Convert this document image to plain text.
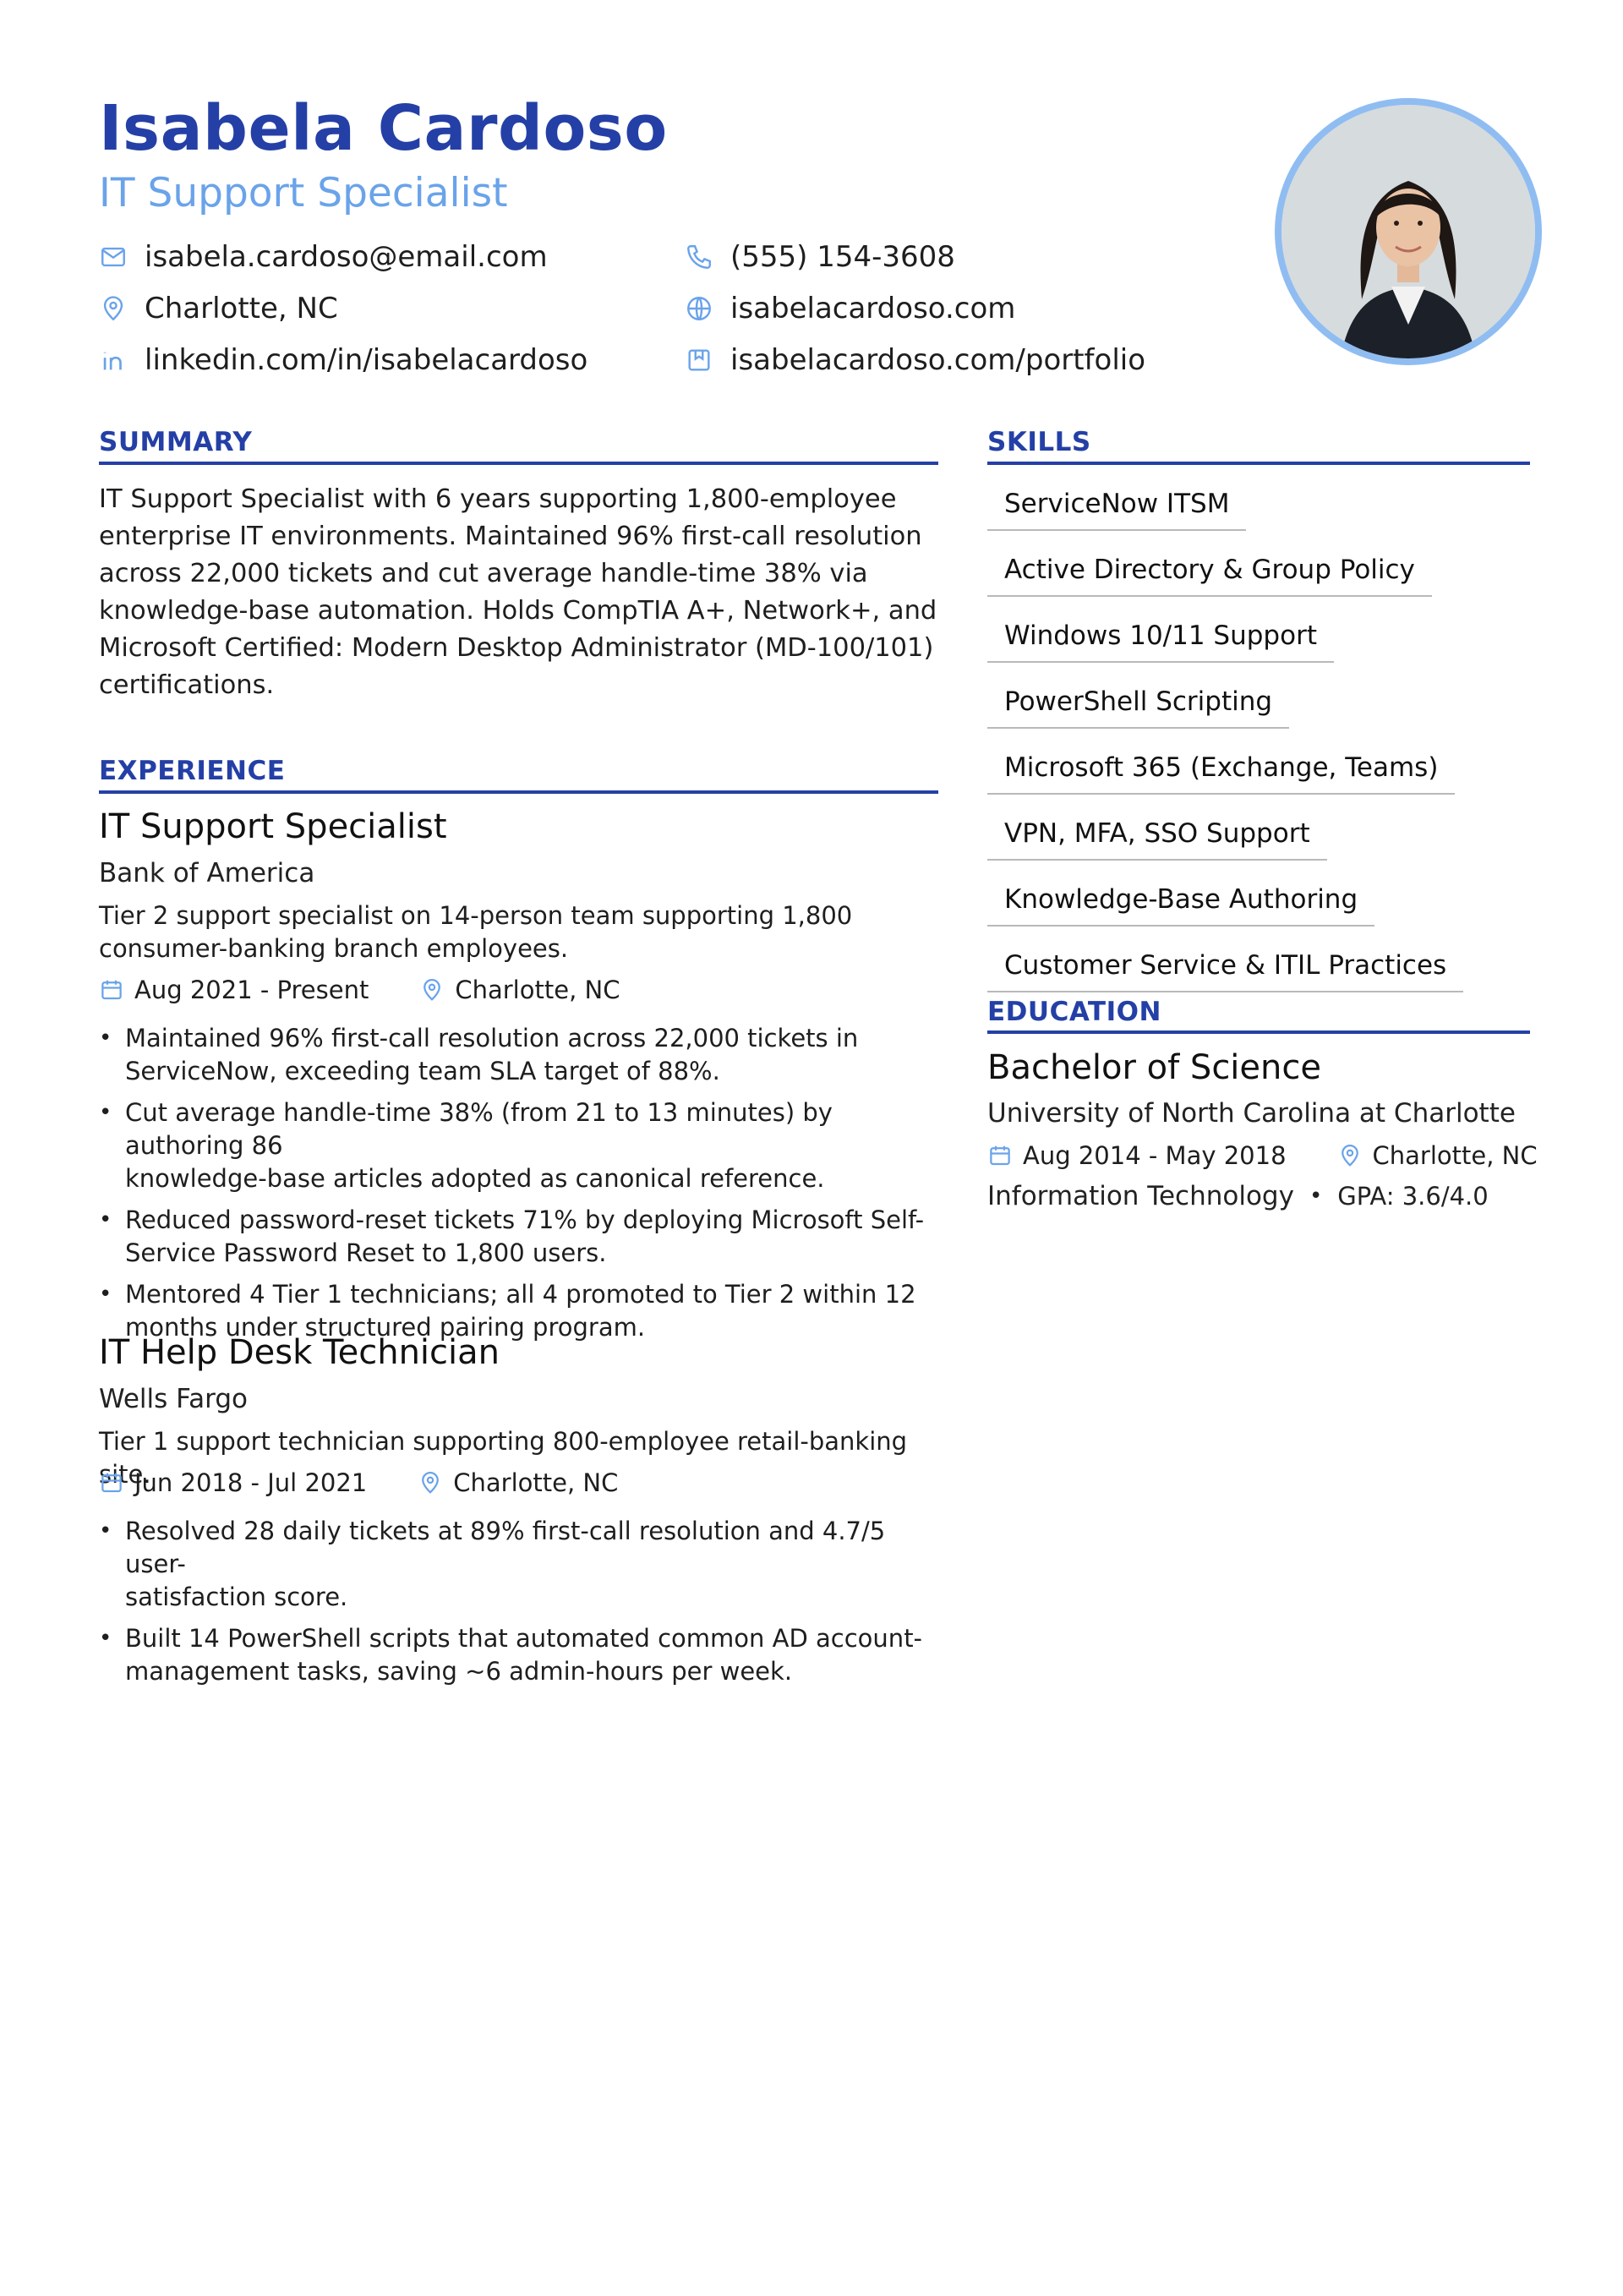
Isabela Cardoso
IT Support Specialist
isabela.cardoso@email.com	(555) 154-3608
Charlotte, NC	isabelacardoso.com
linkedin.com/in/isabelacardoso	isabelacardoso.com/portfolio
SUMMARY
IT Support Specialist with 6 years supporting 1,800-employee
enterprise IT environments. Maintained 96% first-call resolution
across 22,000 tickets and cut average handle-time 38% via
knowledge-base automation. Holds CompTIA A+, Network+, and
Microsoft Certified: Modern Desktop Administrator (MD-100/101)
certifications.
EXPERIENCE
IT Support Specialist
Bank of America
Tier 2 support specialist on 14-person team supporting 1,800
consumer-banking branch employees.
Aug 2021 - Present	Charlotte, NC
• Maintained 96% first-call resolution across 22,000 tickets in
ServiceNow, exceeding team SLA target of 88%.
• Cut average handle-time 38% (from 21 to 13 minutes) by authoring 86
knowledge-base articles adopted as canonical reference.
• Reduced password-reset tickets 71% by deploying Microsoft Self-
Service Password Reset to 1,800 users.
• Mentored 4 Tier 1 technicians; all 4 promoted to Tier 2 within 12
months under structured pairing program.
IT Help Desk Technician
Wells Fargo
Tier 1 support technician supporting 800-employee retail-banking site.
Jun 2018 - Jul 2021	Charlotte, NC
• Resolved 28 daily tickets at 89% first-call resolution and 4.7/5 user-
satisfaction score.
• Built 14 PowerShell scripts that automated common AD account-
management tasks, saving ~6 admin-hours per week.
SKILLS
ServiceNow ITSM
Active Directory & Group Policy
Windows 10/11 Support
PowerShell Scripting
Microsoft 365 (Exchange, Teams)
VPN, MFA, SSO Support
Knowledge-Base Authoring
Customer Service & ITIL Practices
EDUCATION
Bachelor of Science
University of North Carolina at Charlotte
Aug 2014 - May 2018	Charlotte, NC
Information Technology • GPA: 3.6/4.0
